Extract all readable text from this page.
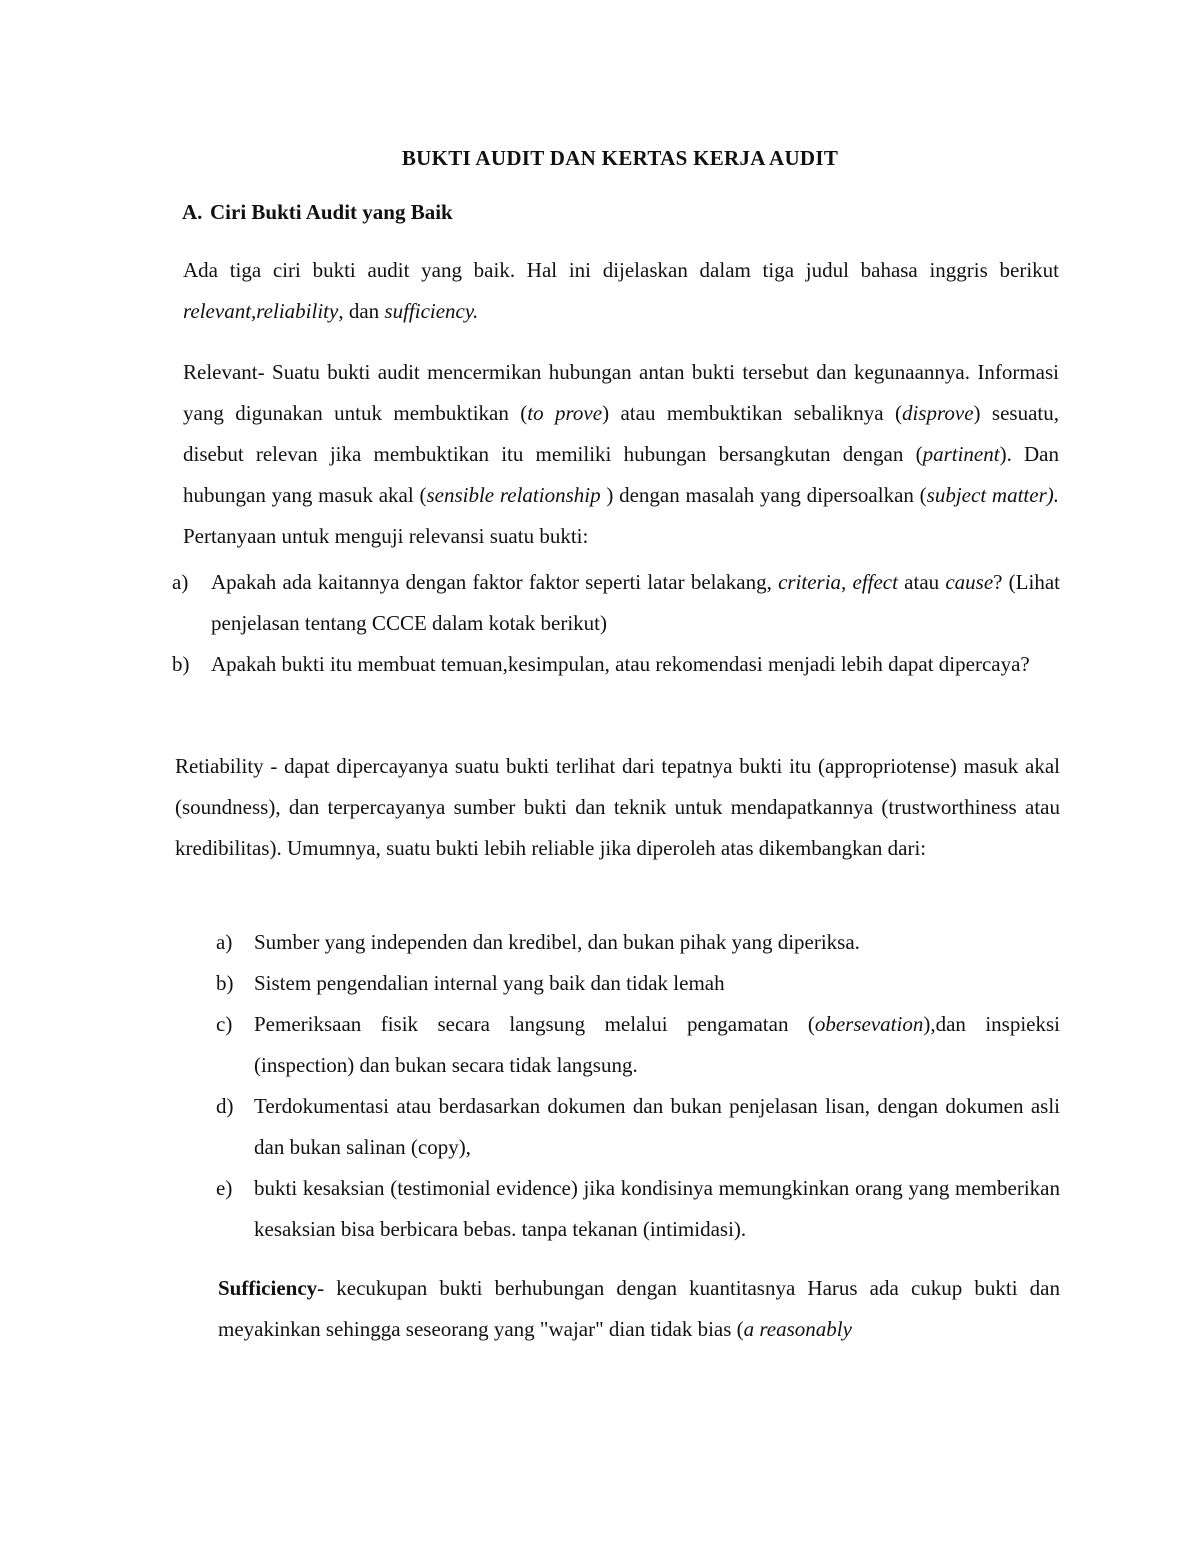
BUKTI AUDIT DAN KERTAS KERJA AUDIT
A. Ciri Bukti Audit yang Baik
Ada tiga ciri bukti audit yang baik. Hal ini dijelaskan dalam tiga judul bahasa inggris berikut relevant,reliability, dan sufficiency.
Relevant- Suatu bukti audit mencermikan hubungan antan bukti tersebut dan kegunaannya. Informasi yang digunakan untuk membuktikan (to prove) atau membuktikan sebaliknya (disprove) sesuatu, disebut relevan jika membuktikan itu memiliki hubungan bersangkutan dengan (partinent). Dan hubungan yang masuk akal (sensible relationship ) dengan masalah yang dipersoalkan (subject matter). Pertanyaan untuk menguji relevansi suatu bukti:
a) Apakah ada kaitannya dengan faktor faktor seperti latar belakang, criteria, effect atau cause? (Lihat penjelasan tentang CCCE dalam kotak berikut)
b) Apakah bukti itu membuat temuan,kesimpulan, atau rekomendasi menjadi lebih dapat dipercaya?
Retiability - dapat dipercayanya suatu bukti terlihat dari tepatnya bukti itu (appropriotense) masuk akal (soundness), dan terpercayanya sumber bukti dan teknik untuk mendapatkannya (trustworthiness atau kredibilitas). Umumnya, suatu bukti lebih reliable jika diperoleh atas dikembangkan dari:
a) Sumber yang independen dan kredibel, dan bukan pihak yang diperiksa.
b) Sistem pengendalian internal yang baik dan tidak lemah
c) Pemeriksaan fisik secara langsung melalui pengamatan (obersevation),dan inspieksi (inspection) dan bukan secara tidak langsung.
d) Terdokumentasi atau berdasarkan dokumen dan bukan penjelasan lisan, dengan dokumen asli dan bukan salinan (copy),
e) bukti kesaksian (testimonial evidence) jika kondisinya memungkinkan orang yang memberikan kesaksian bisa berbicara bebas. tanpa tekanan (intimidasi).
Sufficiency- kecukupan bukti berhubungan dengan kuantitasnya Harus ada cukup bukti dan meyakinkan sehingga seseorang yang "wajar" dian tidak bias (a reasonably
